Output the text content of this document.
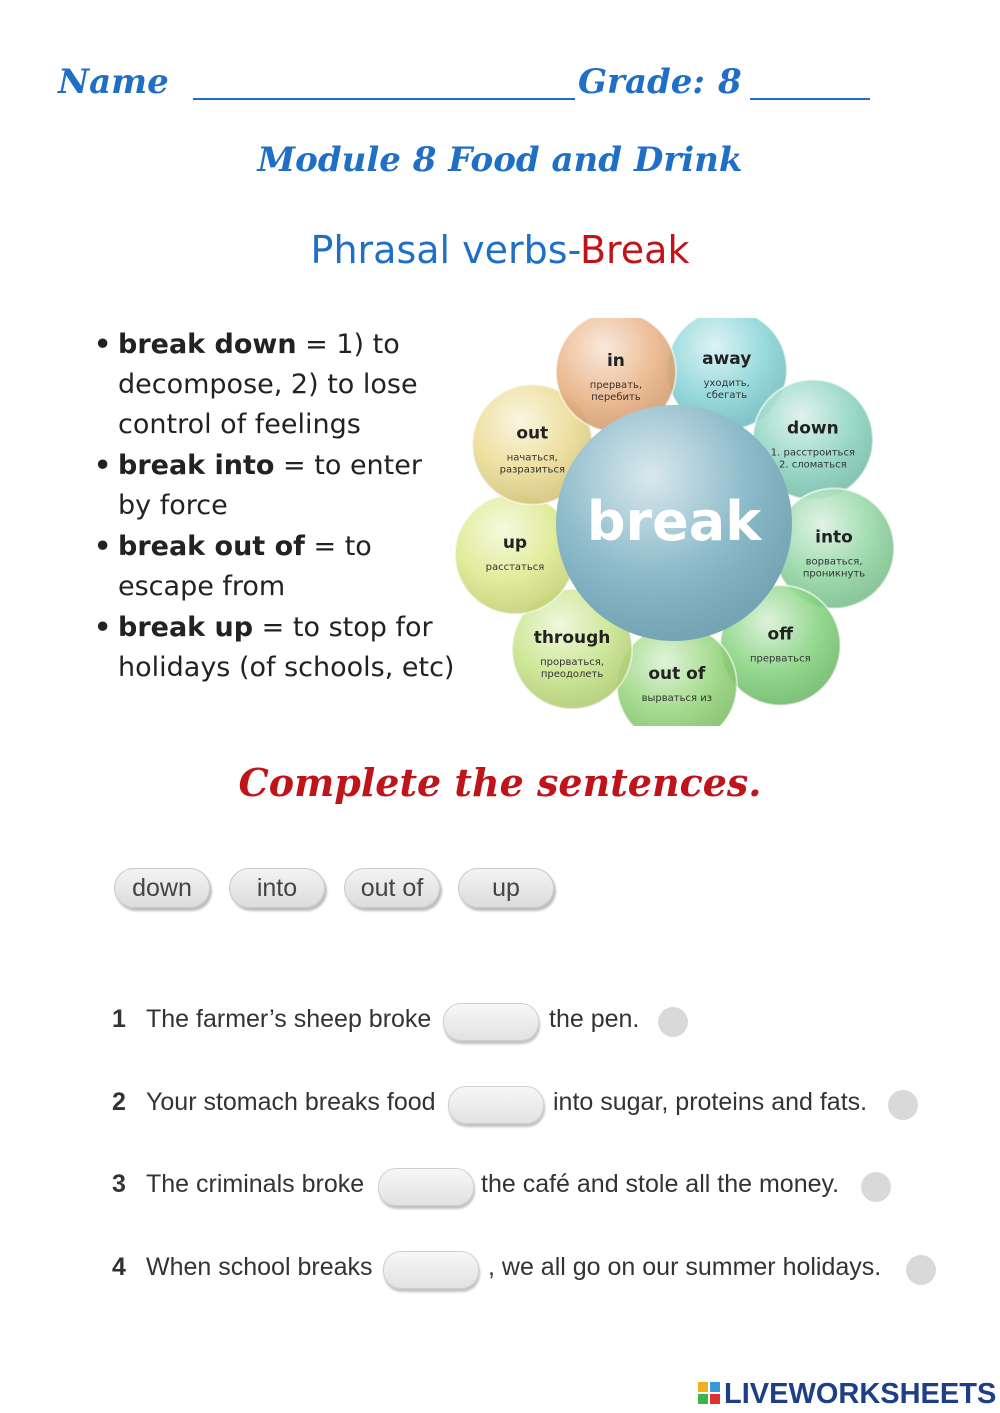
Name	Grade: 8
Module 8 Food and Drink
Phrasal verbs-Break
• break down = 1) to decompose, 2) to lose control of feelings
• break into = to enter by force
• break out of = to escape from
• break up = to stop for holidays (of schools, etc)
break
away
уходить,
сбегать
down
1. расстроиться
2. сломаться
into
ворваться,
проникнуть
off
прерваться
out of
вырваться из
through
прорваться,
преодолеть
up
расстаться
out
начаться,
разразиться
in
прервать,
перебить
Complete the sentences.
down	into	out of	up
1 The farmer’s sheep broke	the pen.
2 Your stomach breaks food	into sugar, proteins and fats.
3 The criminals broke	the café and stole all the money.
4 When school breaks	, we all go on our summer holidays.
LIVEWORKSHEETS
